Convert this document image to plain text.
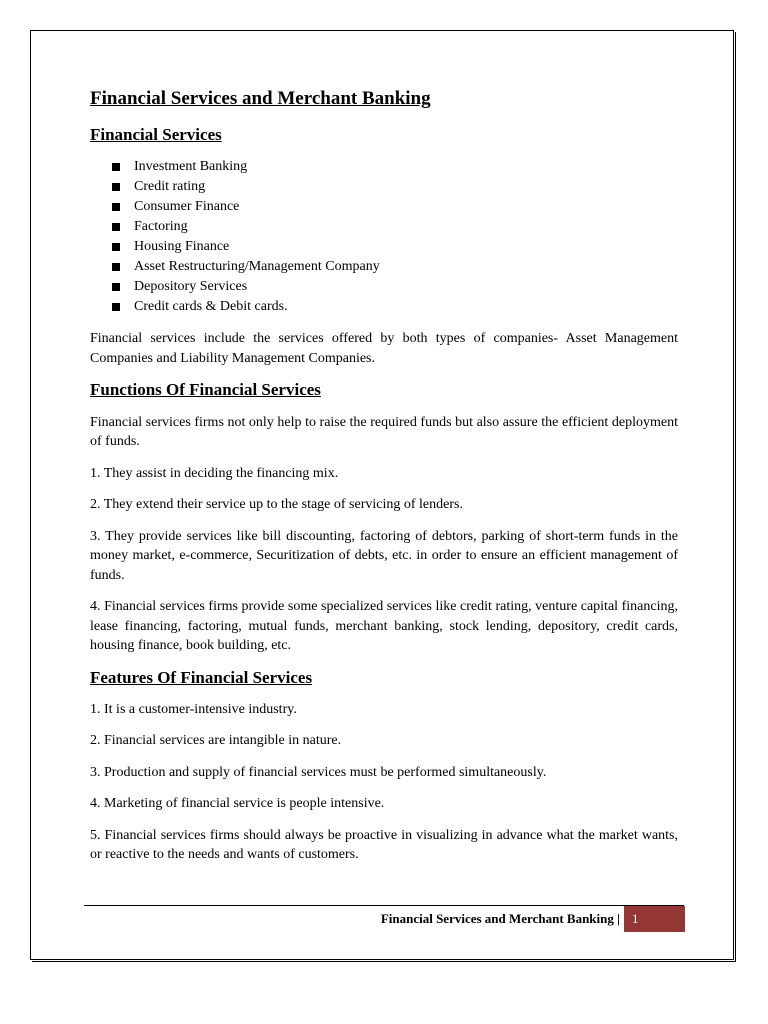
Financial Services and Merchant Banking
Financial Services
Investment Banking
Credit rating
Consumer Finance
Factoring
Housing Finance
Asset Restructuring/Management Company
Depository Services
Credit cards & Debit cards.

Financial services include the services offered by both types of companies- Asset Management Companies and Liability Management Companies.

Functions Of Financial Services

Financial services firms not only help to raise the required funds but also assure the efficient deployment of funds.

1. They assist in deciding the financing mix.

2. They extend their service up to the stage of servicing of lenders.

3. They provide services like bill discounting, factoring of debtors, parking of short-term funds in the money market, e-commerce, Securitization of debts, etc. in order to ensure an efficient management of funds.

4. Financial services firms provide some specialized services like credit rating, venture capital financing, lease financing, factoring, mutual funds, merchant banking, stock lending, depository, credit cards, housing finance, book building, etc.

Features Of Financial Services

1. It is a customer-intensive industry.

2. Financial services are intangible in nature.

3. Production and supply of financial services must be performed simultaneously.

4. Marketing of financial service is people intensive.

5. Financial services firms should always be proactive in visualizing in advance what the market wants, or reactive to the needs and wants of customers.

Financial Services and Merchant Banking | 1
